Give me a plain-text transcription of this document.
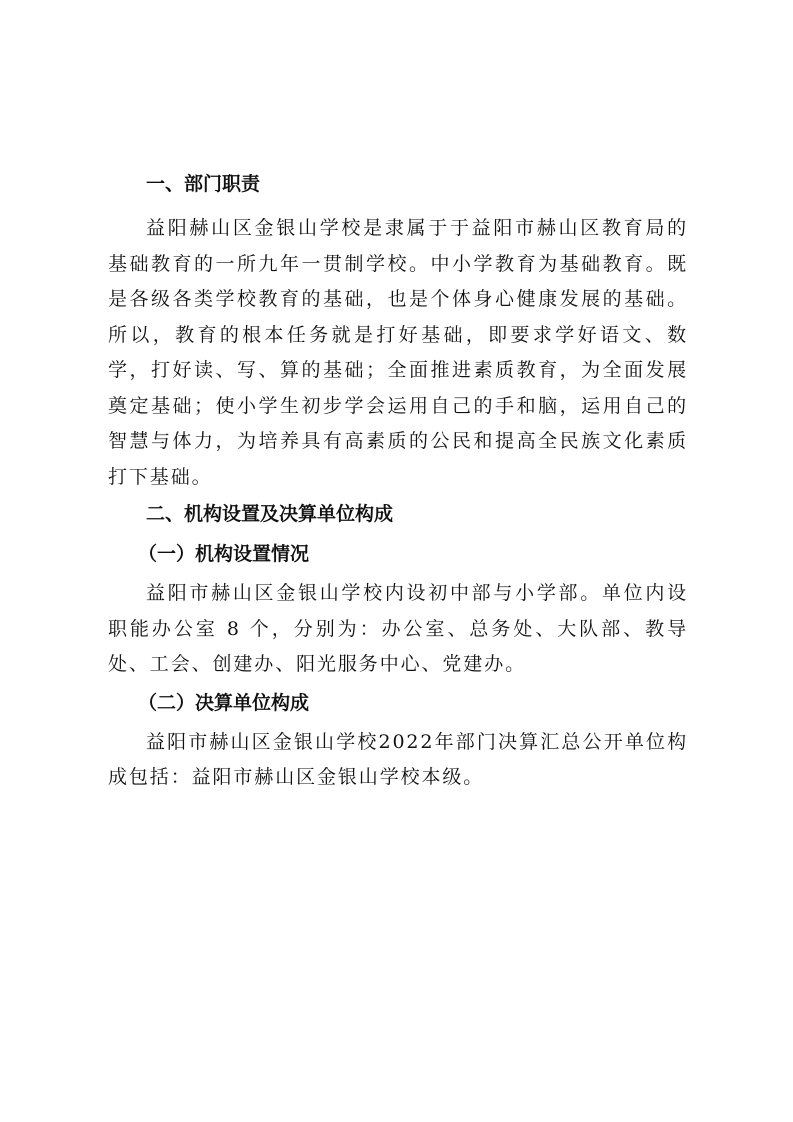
一、部门职责

益阳赫山区金银山学校是隶属于于益阳市赫山区教育局的基础教育的一所九年一贯制学校。中小学教育为基础教育。既是各级各类学校教育的基础，也是个体身心健康发展的基础。所以，教育的根本任务就是打好基础，即要求学好语文、数学，打好读、写、算的基础；全面推进素质教育，为全面发展奠定基础；使小学生初步学会运用自己的手和脑，运用自己的智慧与体力，为培养具有高素质的公民和提高全民族文化素质打下基础。

二、机构设置及决算单位构成
（一）机构设置情况

益阳市赫山区金银山学校内设初中部与小学部。单位内设职能办公室 8 个，分别为：办公室、总务处、大队部、教导处、工会、创建办、阳光服务中心、党建办。

（二）决算单位构成

益阳市赫山区金银山学校2022年部门决算汇总公开单位构成包括：益阳市赫山区金银山学校本级。
